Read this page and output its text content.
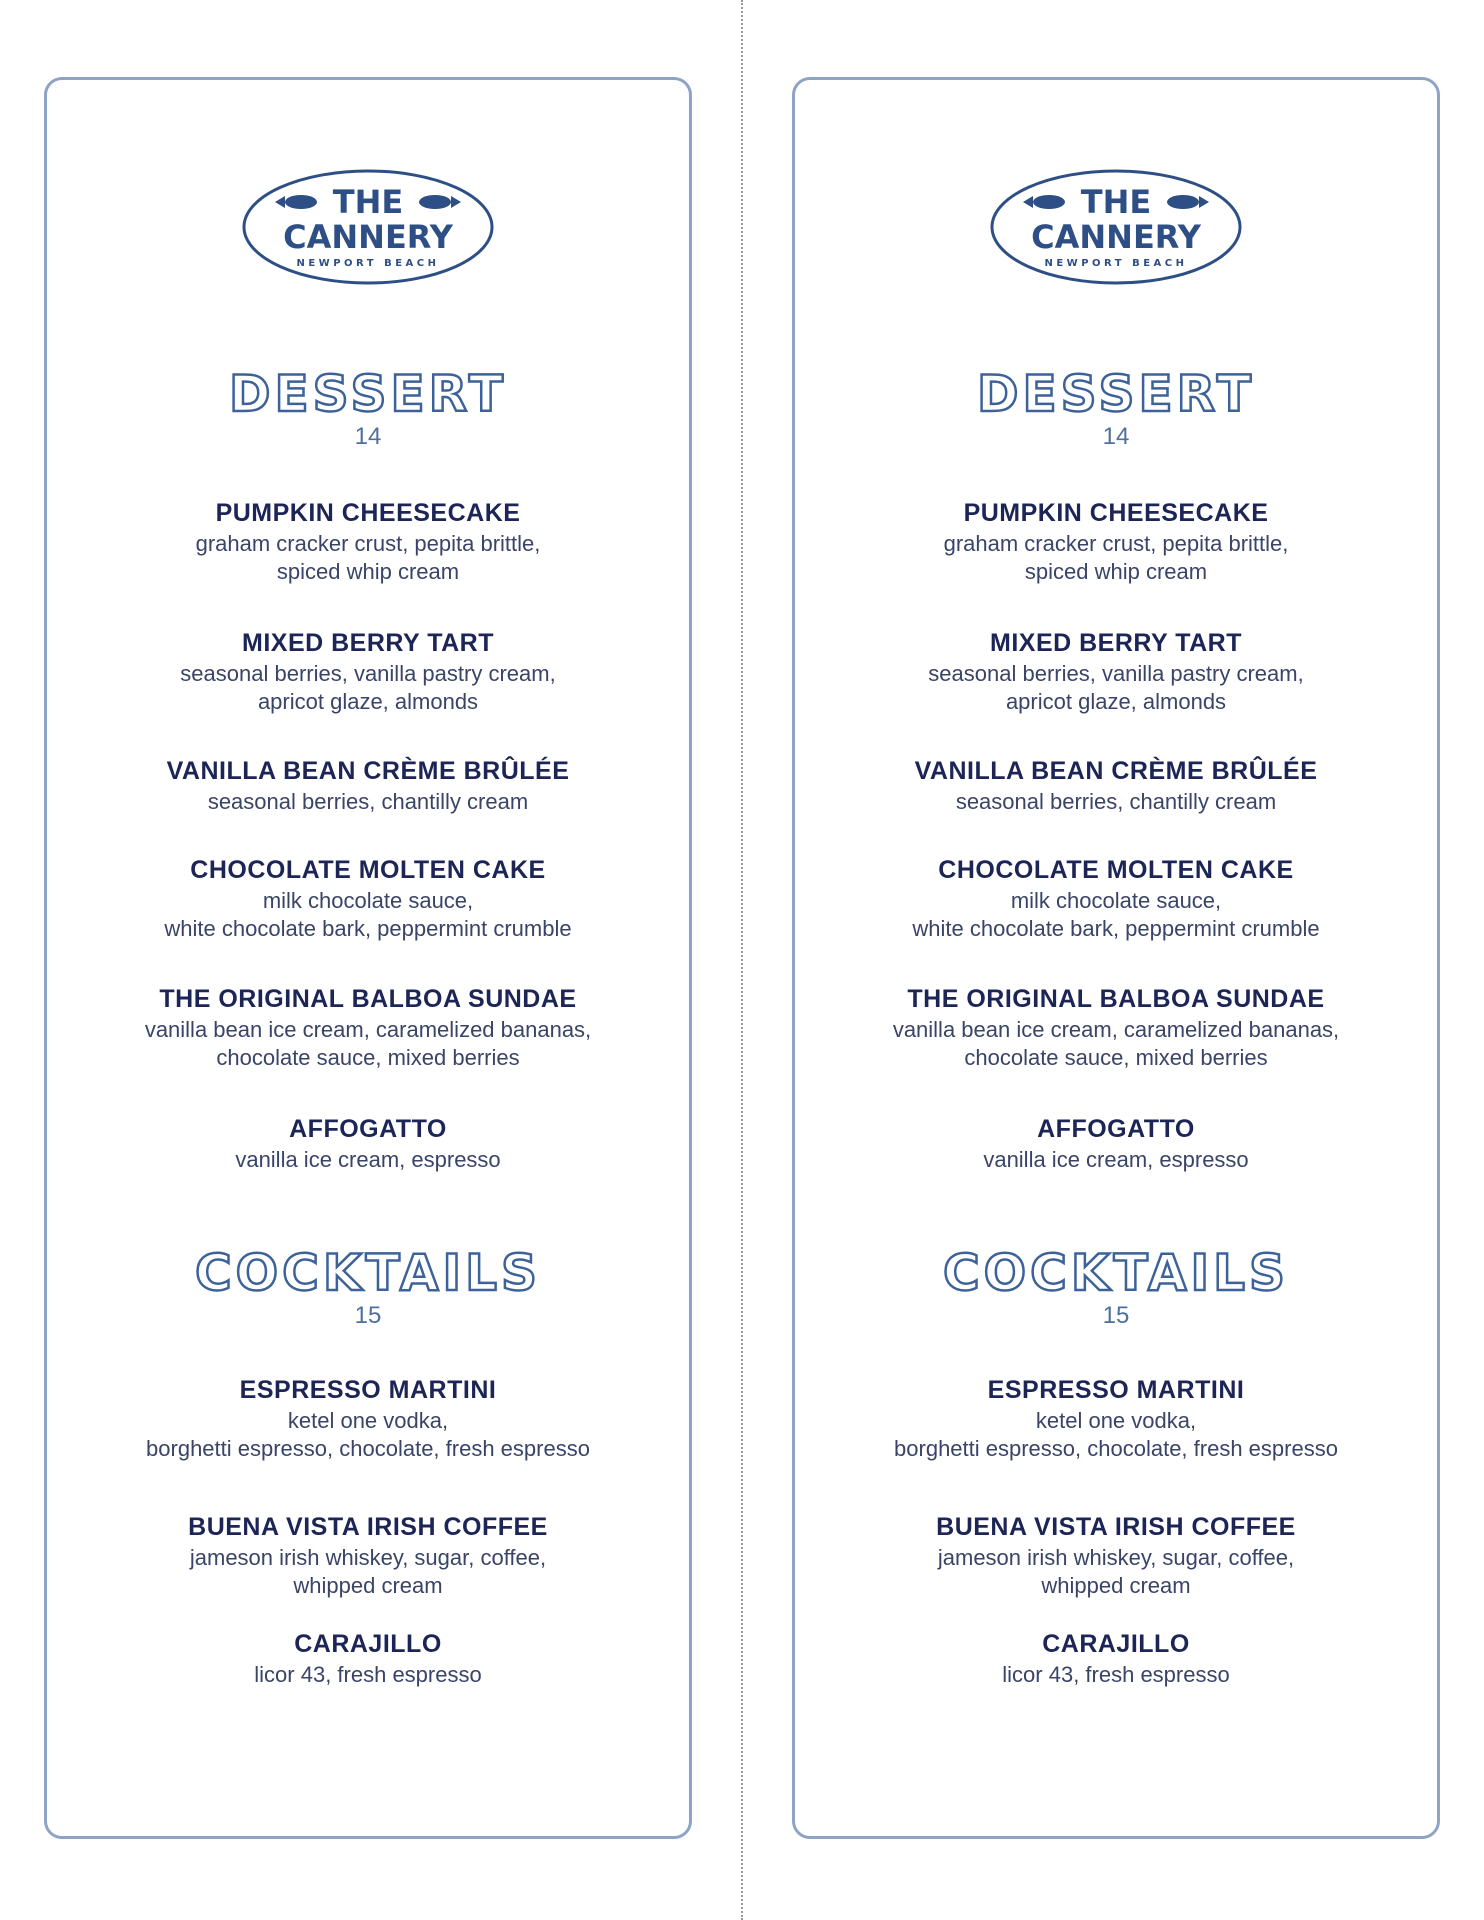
THE
CANNERY
NEWPORT BEACH
DESSERT
14
PUMPKIN CHEESECAKE
graham cracker crust, pepita brittle,
spiced whip cream
MIXED BERRY TART
seasonal berries, vanilla pastry cream,
apricot glaze, almonds
VANILLA BEAN CRÈME BRÛLÉE
seasonal berries, chantilly cream
CHOCOLATE MOLTEN CAKE
milk chocolate sauce,
white chocolate bark, peppermint crumble
THE ORIGINAL BALBOA SUNDAE
vanilla bean ice cream, caramelized bananas,
chocolate sauce, mixed berries
AFFOGATTO
vanilla ice cream, espresso
COCKTAILS
15
ESPRESSO MARTINI
ketel one vodka,
borghetti espresso, chocolate, fresh espresso
BUENA VISTA IRISH COFFEE
jameson irish whiskey, sugar, coffee,
whipped cream
CARAJILLO
licor 43, fresh espresso
THE
CANNERY
NEWPORT BEACH
DESSERT
14
PUMPKIN CHEESECAKE
graham cracker crust, pepita brittle,
spiced whip cream
MIXED BERRY TART
seasonal berries, vanilla pastry cream,
apricot glaze, almonds
VANILLA BEAN CRÈME BRÛLÉE
seasonal berries, chantilly cream
CHOCOLATE MOLTEN CAKE
milk chocolate sauce,
white chocolate bark, peppermint crumble
THE ORIGINAL BALBOA SUNDAE
vanilla bean ice cream, caramelized bananas,
chocolate sauce, mixed berries
AFFOGATTO
vanilla ice cream, espresso
COCKTAILS
15
ESPRESSO MARTINI
ketel one vodka,
borghetti espresso, chocolate, fresh espresso
BUENA VISTA IRISH COFFEE
jameson irish whiskey, sugar, coffee,
whipped cream
CARAJILLO
licor 43, fresh espresso
